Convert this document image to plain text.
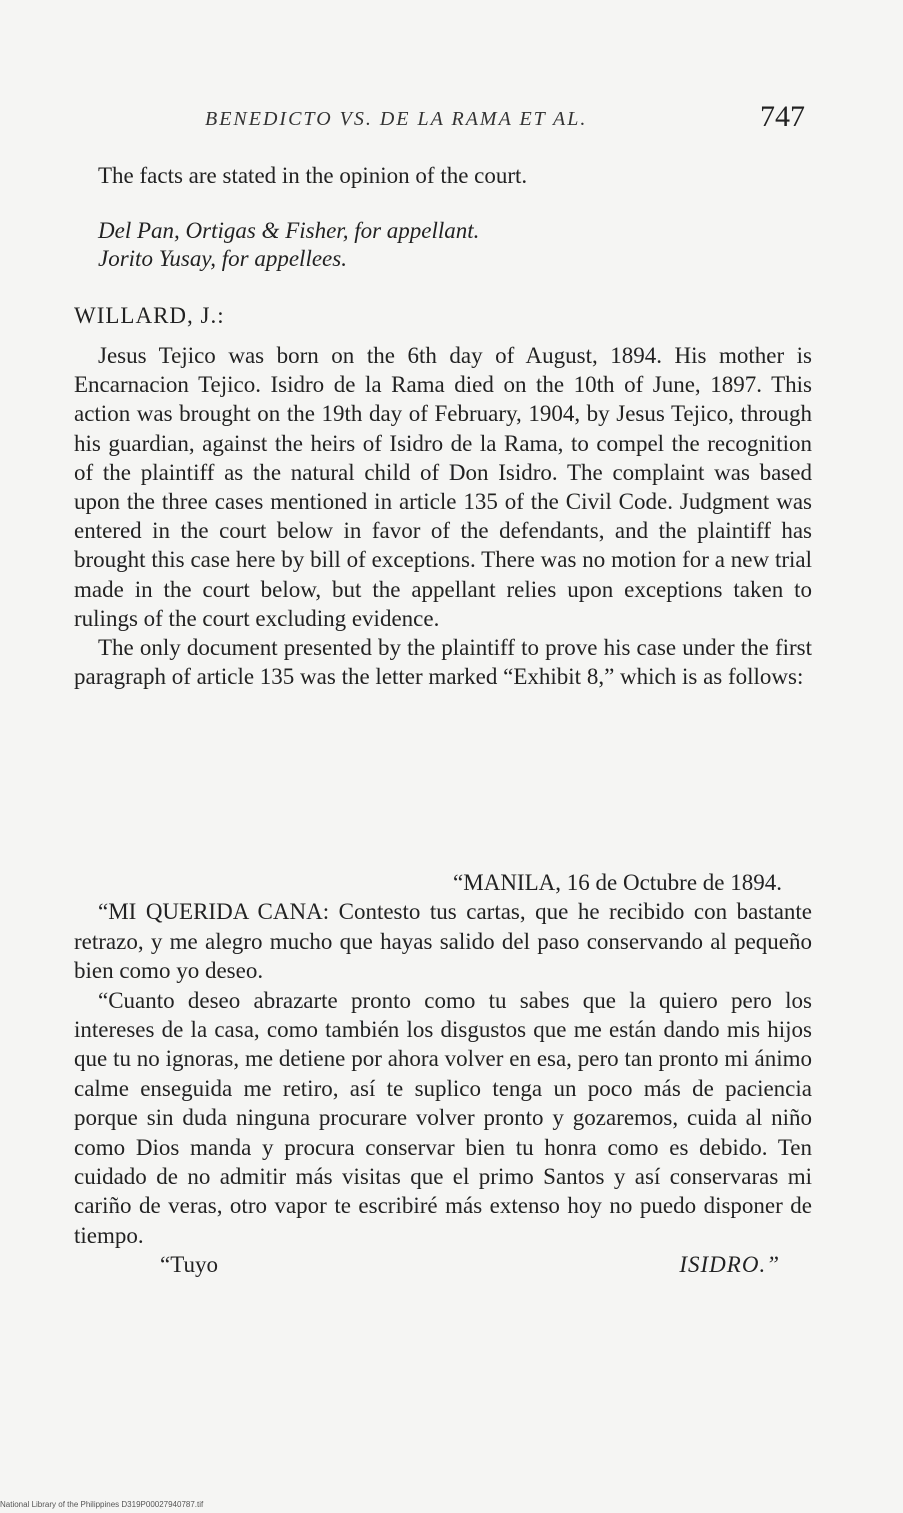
BENEDICTO VS. DE LA RAMA ET AL.	747
The facts are stated in the opinion of the court.
Del Pan, Ortigas & Fisher, for appellant.
Jorito Yusay, for appellees.
WILLARD, J.:

Jesus Tejico was born on the 6th day of August, 1894. His mother is Encarnacion Tejico. Isidro de la Rama died on the 10th of June, 1897. This action was brought on the 19th day of February, 1904, by Jesus Tejico, through his guardian, against the heirs of Isidro de la Rama, to compel the recognition of the plaintiff as the natural child of Don Isidro. The complaint was based upon the three cases mentioned in article 135 of the Civil Code. Judgment was entered in the court below in favor of the defendants, and the plaintiff has brought this case here by bill of exceptions. There was no motion for a new trial made in the court below, but the appellant relies upon exceptions taken to rulings of the court excluding evidence.

The only document presented by the plaintiff to prove his case under the first paragraph of article 135 was the letter marked “Exhibit 8,” which is as follows:

“MANILA, 16 de Octubre de 1894.

“MI QUERIDA CANA: Contesto tus cartas, que he recibido con bastante retrazo, y me alegro mucho que hayas salido del paso conservando al pequeño bien como yo deseo.

“Cuanto deseo abrazarte pronto como tu sabes que la quiero pero los intereses de la casa, como también los disgustos que me están dando mis hijos que tu no ignoras, me detiene por ahora volver en esa, pero tan pronto mi ánimo calme enseguida me retiro, así te suplico tenga un poco más de paciencia porque sin duda ninguna procurare volver pronto y gozaremos, cuida al niño como Dios manda y procura conservar bien tu honra como es debido. Ten cuidado de no admitir más visitas que el primo Santos y así conservaras mi cariño de veras, otro vapor te escribiré más extenso hoy no puedo disponer de tiempo.

“Tuyo	ISIDRO.”
National Library of the Philippines D319P00027940787.tif
